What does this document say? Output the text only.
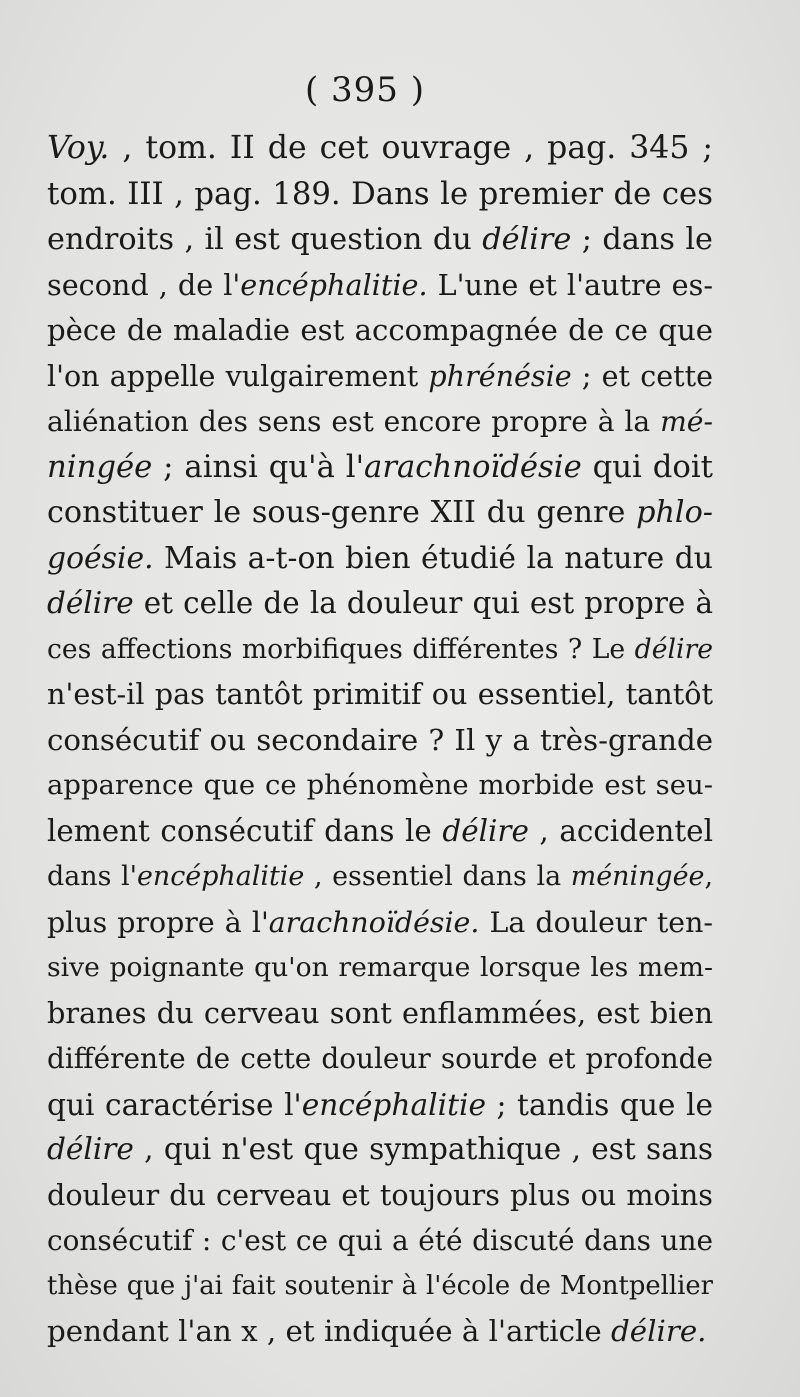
( 395 )
Voy. , tom. II de cet ouvrage , pag. 345 ;
tom. III , pag. 189. Dans le premier de ces
endroits , il est question du délire ; dans le
second , de l'encéphalitie. L'une et l'autre es-
pèce de maladie est accompagnée de ce que
l'on appelle vulgairement phrénésie ; et cette
aliénation des sens est encore propre à la mé-
ningée ; ainsi qu'à l'arachnoïdésie qui doit
constituer le sous-genre XII du genre phlo-
goésie. Mais a-t-on bien étudié la nature du
délire et celle de la douleur qui est propre à
ces affections morbifiques différentes ? Le délire
n'est-il pas tantôt primitif ou essentiel, tantôt
consécutif ou secondaire ? Il y a très-grande
apparence que ce phénomène morbide est seu-
lement consécutif dans le délire , accidentel
dans l'encéphalitie , essentiel dans la méningée,
plus propre à l'arachnoïdésie. La douleur ten-
sive poignante qu'on remarque lorsque les mem-
branes du cerveau sont enflammées, est bien
différente de cette douleur sourde et profonde
qui caractérise l'encéphalitie ; tandis que le
délire , qui n'est que sympathique , est sans
douleur du cerveau et toujours plus ou moins
consécutif : c'est ce qui a été discuté dans une
thèse que j'ai fait soutenir à l'école de Montpellier
pendant l'an x , et indiquée à l'article délire.
